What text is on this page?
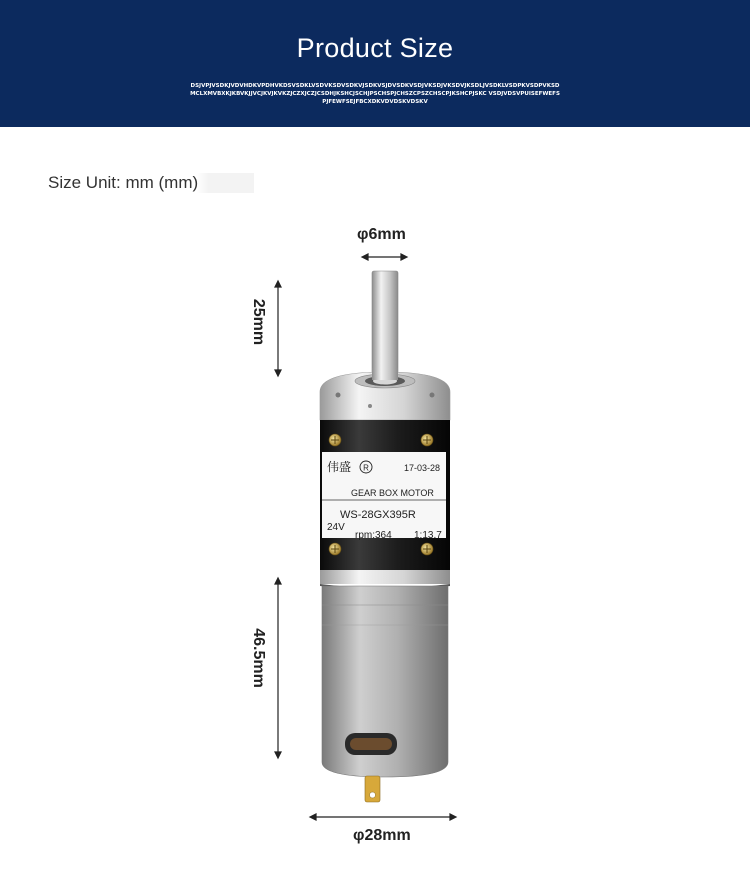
Product Size
DSJVPJVSDKJVDVHDKVPDHVKDSVSDKLVSDVKSDVSDKVJSDKVSJDVSDKVSDJVKSDJVKSDVJKSDLJVSDKLVSDPKVSDPVKSD MCLXMVBXKJKBVKJJVCJKVJKVKZJCZXJCZJCSDHJKSHCJSCHJPSCHSPJCHSZCPSZCHSCPJKSHCPJSKC VSDJVDSVPUISEFWEFSPJFEWFSEJFBCXDKVDVDSKVDSKV
Size Unit: mm (mm)
φ6mm
25mm
46.5mm
φ28mm
伟盛 R	17-03-28
GEAR BOX MOTOR
WS-28GX395R
24V
rpm:364 1:13.7
